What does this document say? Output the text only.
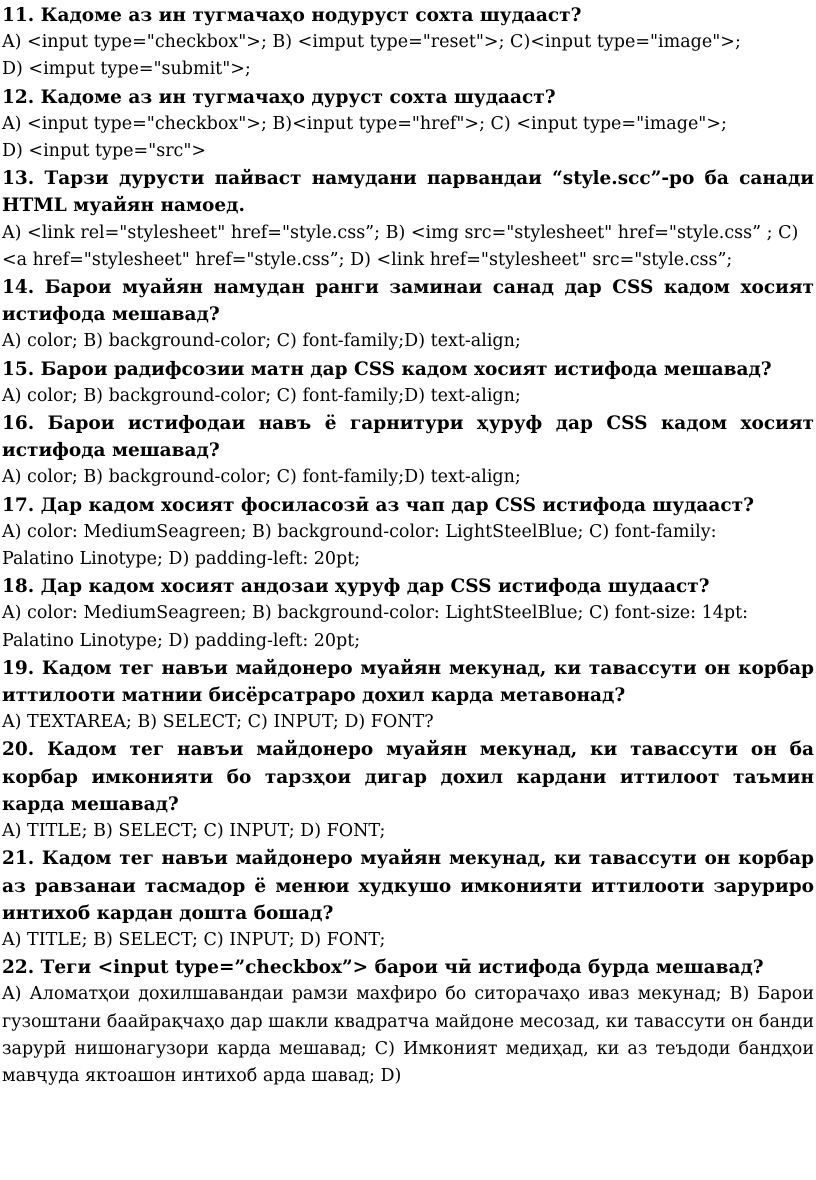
11. Кадоме аз ин тугмачаҳо нодуруст сохта шудааст?

A) <input type="checkbox">; B) <imput type="reset">; C)<input type="image">;

D) <imput type="submit">;

12. Кадоме аз ин тугмачаҳо дуруст сохта шудааст?

A) <input type="checkbox">; B)<input type="href">; C) <input type="image">;

D) <input type="src">

13. Тарзи дурусти пайваст намудани парвандаи “style.scc”-ро ба санади HTML муайян намоед.

A) <link rel="stylesheet" href="style.css”; B) <img src="stylesheet" href="style.css” ; C)

<a href="stylesheet" href="style.css”; D) <link href="stylesheet" src="style.css”;

14. Барои муайян намудан ранги заминаи санад дар CSS кадом хосият истифода мешавад?

A) color; B) background-color; C) font-family;D) text-align;

15. Барои радифсозии матн дар CSS кадом хосият истифода мешавад?

A) color; B) background-color; C) font-family;D) text-align;

16. Барои истифодаи навъ ё гарнитури ҳуруф дар CSS кадом хосият истифода мешавад?

A) color; B) background-color; C) font-family;D) text-align;

17. Дар кадом хосият фосиласозӣ аз чап дар CSS истифода шудааст?

A) color: MediumSeagreen; B) background-color: LightSteelBlue; C) font-family:

Palatino Linotype; D) padding-left: 20pt;

18. Дар кадом хосият андозаи ҳуруф дар CSS истифода шудааст?

A) color: MediumSeagreen; B) background-color: LightSteelBlue; C) font-size: 14pt:

Palatino Linotype; D) padding-left: 20pt;

19. Кадом тег навъи майдонеро муайян мекунад, ки тавассути он корбар иттилооти матнии бисёрсатраро дохил карда метавонад?

A) TEXTAREA; B) SELECT; C) INPUT; D) FONT?

20. Кадом тег навъи майдонеро муайян мекунад, ки тавассути он ба корбар имконияти бо тарзҳои дигар дохил кардани иттилоот таъмин карда мешавад?

A) TITLE; B) SELECT; C) INPUT; D) FONT;

21. Кадом тег навъи майдонеро муайян мекунад, ки тавассути он корбар аз равзанаи тасмадор ё менюи худкушо имконияти иттилооти заруриро интихоб кардан дошта бошад?

A) TITLE; B) SELECT; C) INPUT; D) FONT;

22. Теги <input type=”checkbox”> барои чӣ истифода бурда мешавад?

A) Аломатҳои дохилшавандаи рамзи махфиро бо ситорачаҳо иваз мекунад; B) Барои гузоштани баайрақчаҳо дар шакли квадратча майдоне месозад, ки тавассути он банди зарурӣ нишонагузори карда мешавад; C) Имконият медиҳад, ки аз теъдоди бандҳои мавҷуда яктоашон интихоб арда шавад; D)
